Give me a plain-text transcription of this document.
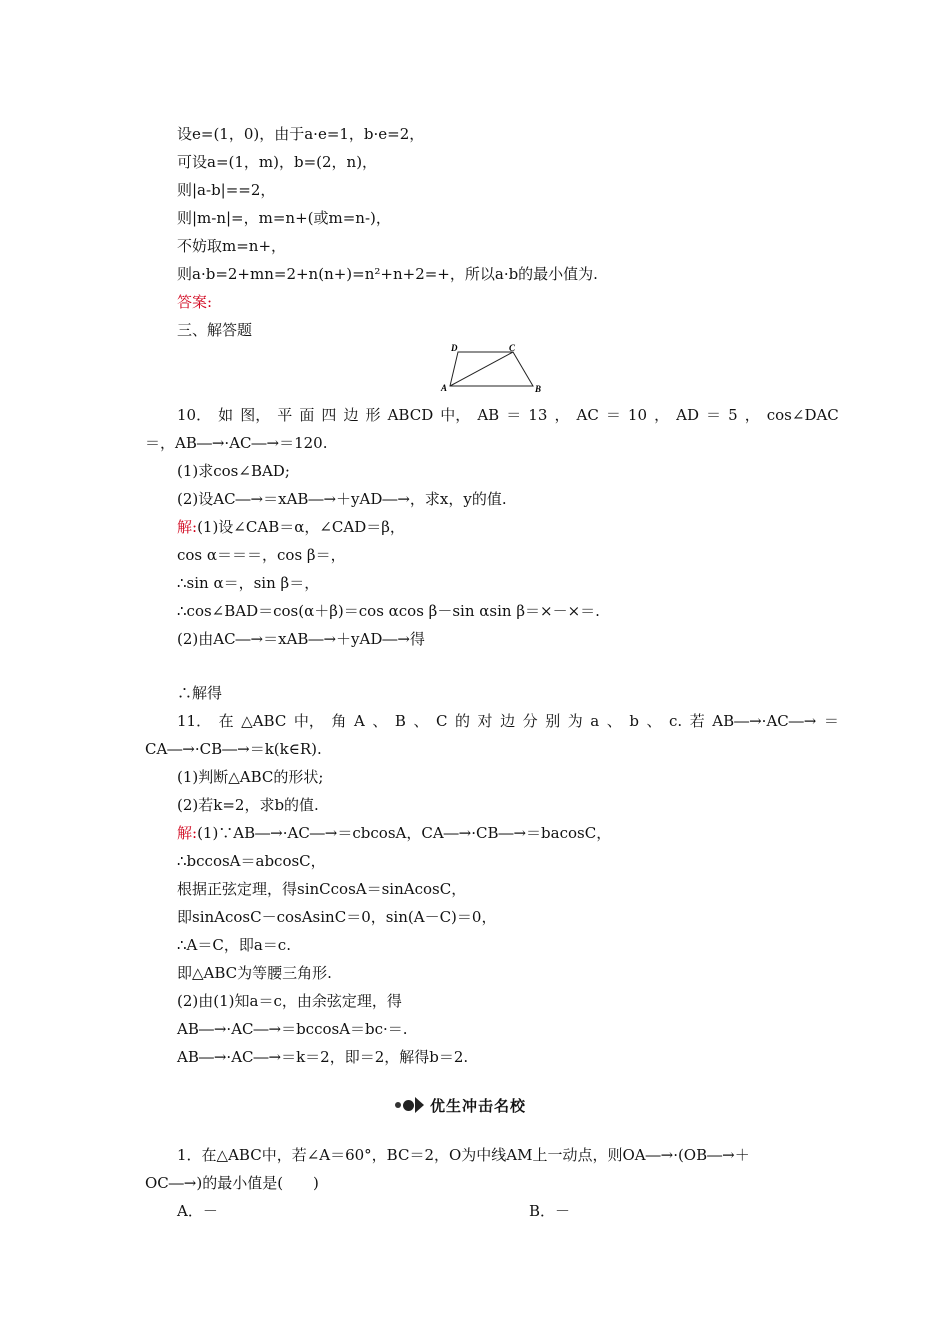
设e=(1，0)，由于a·e=1，b·e=2，
可设a=(1，m)，b=(2，n)，
则|a-b|==2，
则|m-n|=，m=n+(或m=n-)，
不妨取m=n+，
则a·b=2+mn=2+n(n+)=n²+n+2=+，所以a·b的最小值为.
答案:
三、解答题
A	B
C
D
10． 如 图， 平 面 四 边 形 ABCD 中， AB ＝ 13 ， AC ＝ 10 ， AD ＝ 5 ， cos∠DAC
＝，AB―→·AC―→＝120.
(1)求cos∠BAD;
(2)设AC―→＝xAB―→＋yAD―→，求x，y的值.
解:(1)设∠CAB＝α，∠CAD＝β，
cos α＝＝＝，cos β＝，
∴sin α＝，sin β＝，
∴cos∠BAD＝cos(α＋β)＝cos αcos β－sin αsin β＝×－×＝.
(2)由AC―→＝xAB―→＋yAD―→得
∴解得
11． 在 △ABC 中， 角 A 、 B 、 C 的 对 边 分 别 为 a 、 b 、 c. 若 AB―→·AC―→ ＝
CA―→·CB―→＝k(k∈R).
(1)判断△ABC的形状;
(2)若k=2，求b的值.
解:(1)∵AB―→·AC―→＝cbcosA，CA―→·CB―→＝bacosC，
∴bccosA＝abcosC，
根据正弦定理，得sinCcosA＝sinAcosC，
即sinAcosC－cosAsinC＝0，sin(A－C)＝0，
∴A＝C，即a＝c.
即△ABC为等腰三角形.
(2)由(1)知a＝c，由余弦定理，得
AB―→·AC―→＝bccosA＝bc·＝.
AB―→·AC―→＝k＝2，即＝2，解得b＝2.
优生冲击名校
1．在△ABC中，若∠A＝60°，BC＝2，O为中线AM上一动点，则OA―→·(OB―→＋
OC―→)的最小值是(　　)
A．－	B．－
